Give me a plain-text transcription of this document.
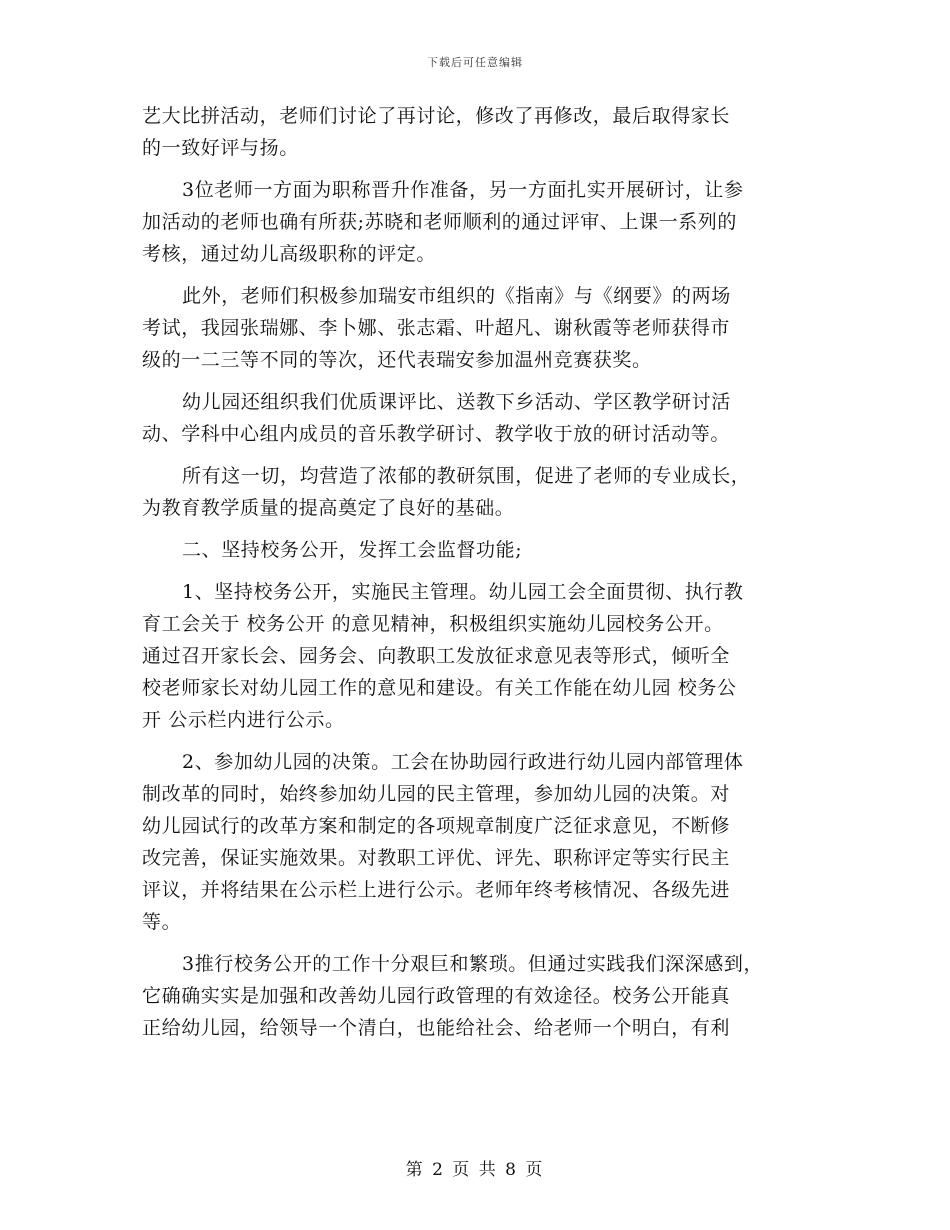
下载后可任意编辑
艺大比拼活动，老师们讨论了再讨论，修改了再修改，最后取得家长
的一致好评与扬。
3位老师一方面为职称晋升作准备，另一方面扎实开展研讨，让参
加活动的老师也确有所获;苏晓和老师顺利的通过评审、上课一系列的
考核，通过幼儿高级职称的评定。
此外，老师们积极参加瑞安市组织的《指南》与《纲要》的两场
考试，我园张瑞娜、李卜娜、张志霜、叶超凡、谢秋霞等老师获得市
级的一二三等不同的等次，还代表瑞安参加温州竞赛获奖。
幼儿园还组织我们优质课评比、送教下乡活动、学区教学研讨活
动、学科中心组内成员的音乐教学研讨、教学收于放的研讨活动等。
所有这一切，均营造了浓郁的教研氛围，促进了老师的专业成长，
为教育教学质量的提高奠定了良好的基础。
二、坚持校务公开，发挥工会监督功能;
1、坚持校务公开，实施民主管理。幼儿园工会全面贯彻、执行教
育工会关于 校务公开 的意见精神，积极组织实施幼儿园校务公开。
通过召开家长会、园务会、向教职工发放征求意见表等形式，倾听全
校老师家长对幼儿园工作的意见和建设。有关工作能在幼儿园 校务公
开 公示栏内进行公示。
2、参加幼儿园的决策。工会在协助园行政进行幼儿园内部管理体
制改革的同时，始终参加幼儿园的民主管理，参加幼儿园的决策。对
幼儿园试行的改革方案和制定的各项规章制度广泛征求意见，不断修
改完善，保证实施效果。对教职工评优、评先、职称评定等实行民主
评议，并将结果在公示栏上进行公示。老师年终考核情况、各级先进
等。
3推行校务公开的工作十分艰巨和繁琐。但通过实践我们深深感到，
它确确实实是加强和改善幼儿园行政管理的有效途径。校务公开能真
正给幼儿园，给领导一个清白，也能给社会、给老师一个明白，有利
第 2 页 共 8 页
